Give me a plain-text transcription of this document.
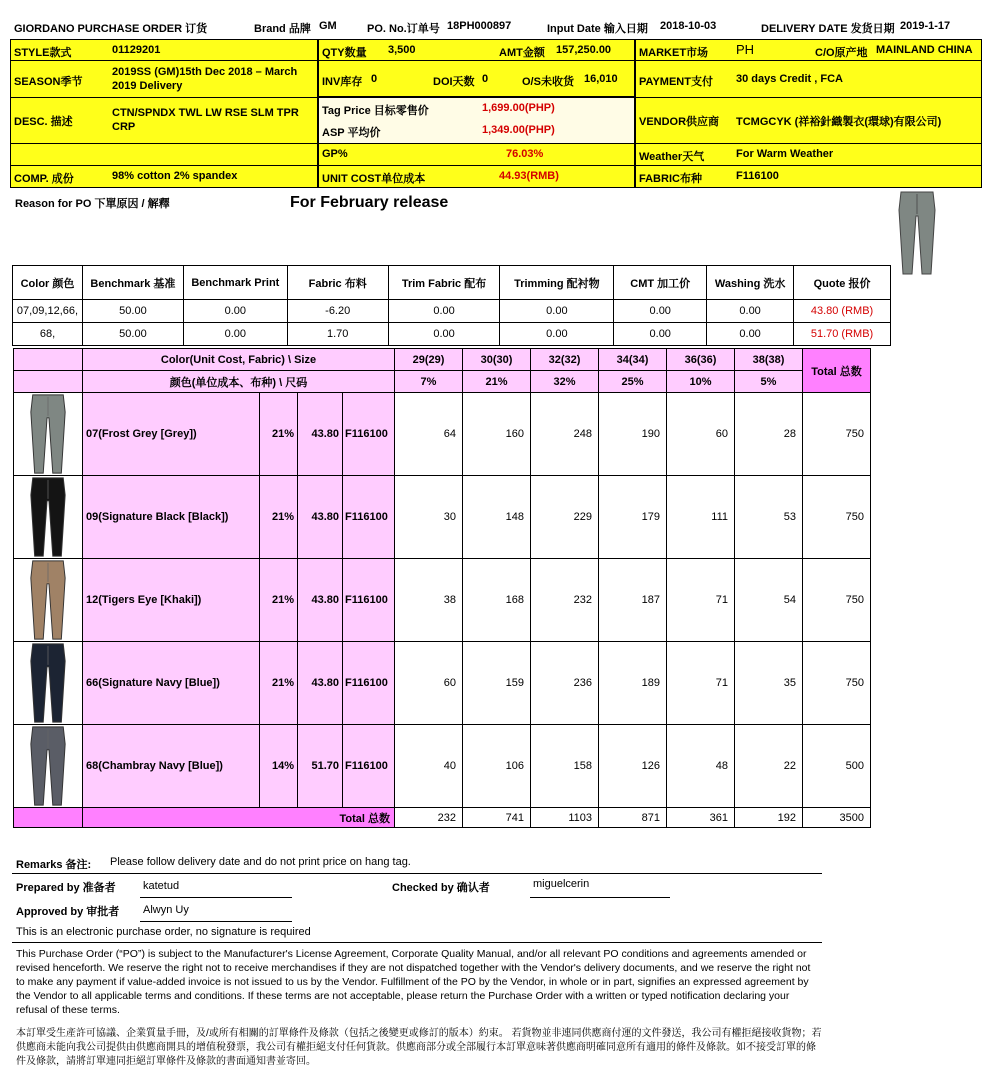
GIORDANO PURCHASE ORDER 订货	Brand 品牌 GM	PO. No.订单号 18PH000897	Input Date 输入日期 2018-10-03	DELIVERY DATE 发货日期 2019-1-17
STYLE款式	01129201	QTY数量 3,500	AMT金额 157,250.00	MARKET市场 PH	C/O原产地 MAINLAND CHINA
SEASON季节
2019SS (GM)15th Dec 2018 – March
2019 Delivery	INV库存 0	DOI天数 0	O/S未收货 16,010 PAYMENT支付 30 days Credit , FCA
DESC. 描述
CTN/SPNDX TWL LW RSE SLM TPR
CRP
Tag Price 目标零售价	1,699.00(PHP)
ASP 平均价	1,349.00(PHP)
VENDOR供应商 TCMGCYK (祥裕針織製衣(環球)有限公司)
GP%	76.03%	Weather天气	For Warm Weather
COMP. 成份	98% cotton 2% spandex	UNIT COST单位成本	44.93(RMB)	FABRIC布种	F116100
Reason for PO 下單原因 / 解釋	For February release
Color 颜色	Benchmark 基准	Benchmark Print	Fabric 布料	Trim Fabric 配布	Trimming 配衬物	CMT 加工价	Washing 洗水	Quote 报价
07,09,12,66,	50.00	0.00	-6.20	0.00	0.00	0.00	0.00	43.80 (RMB)
68,	50.00	0.00	1.70	0.00	0.00	0.00	0.00	51.70 (RMB)
	Color(Unit Cost, Fabric) \ Size				29(29)	30(30)	32(32)	34(34)	36(36)	38(38)	Total 总数
	颜色(单位成本、布种) \ 尺码				7%	21%	32%	25%	10%	5%	

	07(Frost Grey [Grey])	21%	43.80	F116100	64	160	248	190	60	28	750

	09(Signature Black [Black])	21%	43.80	F116100	30	148	229	179	111	53	750

	12(Tigers Eye [Khaki])	21%	43.80	F116100	38	168	232	187	71	54	750

	66(Signature Navy [Blue])	21%	43.80	F116100	60	159	236	189	71	35	750

	68(Chambray Navy [Blue])	14%	51.70	F116100	40	106	158	126	48	22	500
	Total 总数				232	741	1103	871	361	192	3500
Remarks 备注: Please follow delivery date and do not print price on hang tag.
Prepared by 准备者 katetud	Checked by 确认者	miguelcerin
Approved by 审批者 Alwyn Uy
This is an electronic purchase order, no signature is required
This Purchase Order (“PO”) is subject to the Manufacturer's License Agreement, Corporate Quality Manual, and/or all relevant PO conditions and agreements amended or revised henceforth. We reserve the right not to receive merchandises if they are not dispatched together with the Vendor's delivery documents, and we reserve the right not to make any payment if value-added invoice is not issued to us by the Vendor. Fulfillment of the PO by the Vendor, in whole or in part, signifies an expressed agreement by the Vendor to all applicable terms and conditions. If these terms are not acceptable, please return the Purchase Order with a written or typed notification declaring your refusal of these terms.
本訂單受生產許可協議、企業質量手冊，及/或所有相關的訂單條件及條款（包括之後變更或修訂的版本）約束。 若貨物並非連同供應商付運的文件發送，我公司有權拒絕接收貨物；若供應商未能向我公司提供由供應商開具的增值稅發票，我公司有權拒絕支付任何貨款。供應商部分或全部履行本訂單意味著供應商明確同意所有適用的條件及條款。如不接受訂單的條件及條款，請將訂單連同拒絕訂單條件及條款的書面通知書並寄回。
